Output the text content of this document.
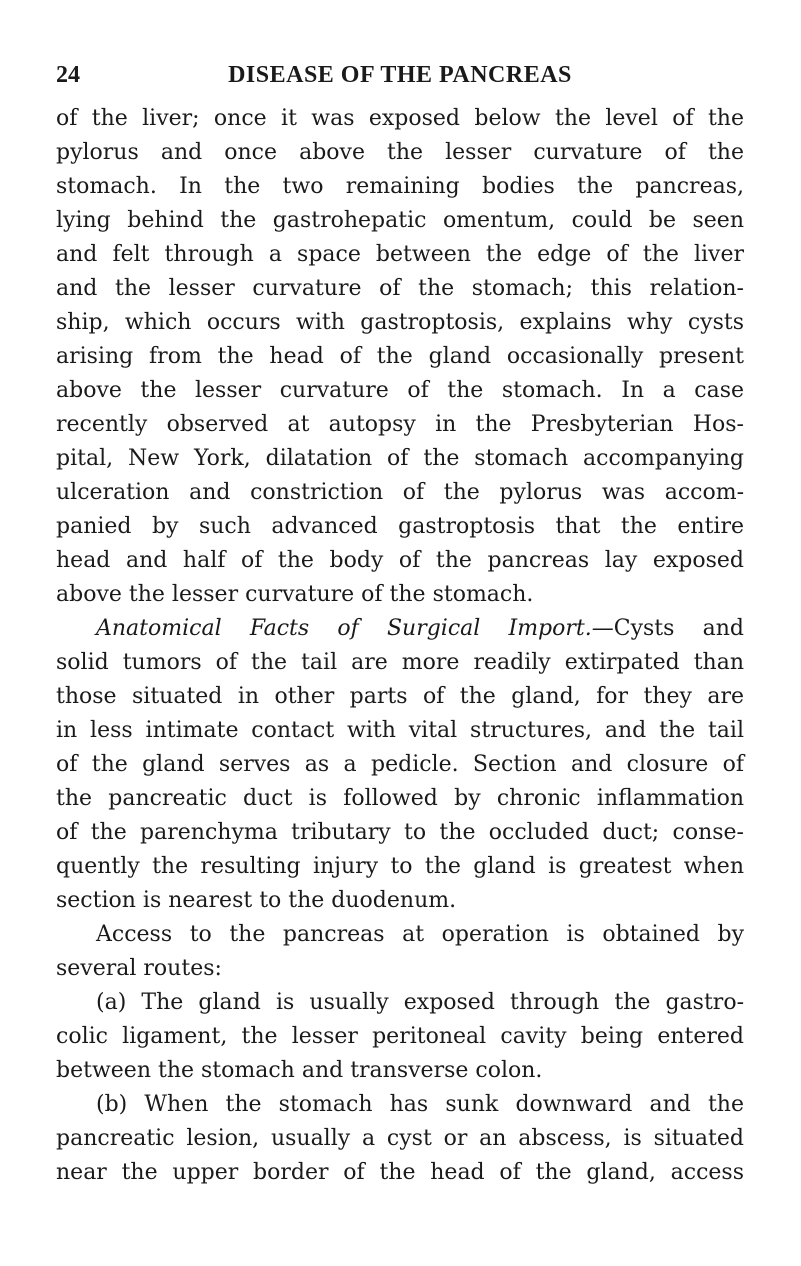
24	DISEASE OF THE PANCREAS
of the liver; once it was exposed below the level of the
pylorus and once above the lesser curvature of the
stomach. In the two remaining bodies the pancreas,
lying behind the gastrohepatic omentum, could be seen
and felt through a space between the edge of the liver
and the lesser curvature of the stomach; this relation-
ship, which occurs with gastroptosis, explains why cysts
arising from the head of the gland occasionally present
above the lesser curvature of the stomach. In a case
recently observed at autopsy in the Presbyterian Hos-
pital, New York, dilatation of the stomach accompanying
ulceration and constriction of the pylorus was accom-
panied by such advanced gastroptosis that the entire
head and half of the body of the pancreas lay exposed
above the lesser curvature of the stomach.
Anatomical Facts of Surgical Import.—Cysts and
solid tumors of the tail are more readily extirpated than
those situated in other parts of the gland, for they are
in less intimate contact with vital structures, and the tail
of the gland serves as a pedicle. Section and closure of
the pancreatic duct is followed by chronic inflammation
of the parenchyma tributary to the occluded duct; conse-
quently the resulting injury to the gland is greatest when
section is nearest to the duodenum.
Access to the pancreas at operation is obtained by
several routes:
(a) The gland is usually exposed through the gastro-
colic ligament, the lesser peritoneal cavity being entered
between the stomach and transverse colon.
(b) When the stomach has sunk downward and the
pancreatic lesion, usually a cyst or an abscess, is situated
near the upper border of the head of the gland, access
